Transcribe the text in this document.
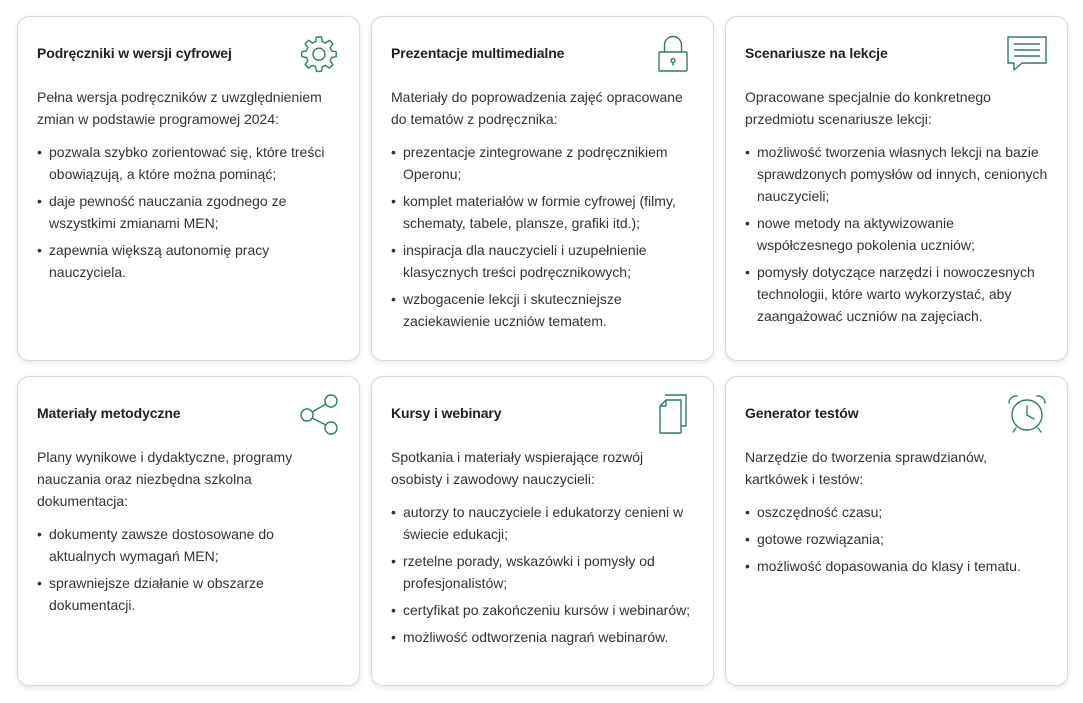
Podręczniki w wersji cyfrowej
Pełna wersja podręczników z uwzględnieniem zmian w podstawie programowej 2024:
• pozwala szybko zorientować się, które treści obowiązują, a które można pominąć;
• daje pewność nauczania zgodnego ze wszystkimi zmianami MEN;
• zapewnia większą autonomię pracy nauczyciela.
Prezentacje multimedialne
Materiały do poprowadzenia zajęć opracowane do tematów z podręcznika:
• prezentacje zintegrowane z podręcznikiem Operonu;
• komplet materiałów w formie cyfrowej (filmy, schematy, tabele, plansze, grafiki itd.);
• inspiracja dla nauczycieli i uzupełnienie klasycznych treści podręcznikowych;
• wzbogacenie lekcji i skuteczniejsze zaciekawienie uczniów tematem.
Scenariusze na lekcje
Opracowane specjalnie do konkretnego przedmiotu scenariusze lekcji:
• możliwość tworzenia własnych lekcji na bazie sprawdzonych pomysłów od innych, cenionych nauczycieli;
• nowe metody na aktywizowanie współczesnego pokolenia uczniów;
• pomysły dotyczące narzędzi i nowoczesnych technologii, które warto wykorzystać, aby zaangażować uczniów na zajęciach.
Materiały metodyczne
Plany wynikowe i dydaktyczne, programy nauczania oraz niezbędna szkolna dokumentacja:
• dokumenty zawsze dostosowane do aktualnych wymagań MEN;
• sprawniejsze działanie w obszarze dokumentacji.
Kursy i webinary
Spotkania i materiały wspierające rozwój osobisty i zawodowy nauczycieli:
• autorzy to nauczyciele i edukatorzy cenieni w świecie edukacji;
• rzetelne porady, wskazówki i pomysły od profesjonalistów;
• certyfikat po zakończeniu kursów i webinarów;
• możliwość odtworzenia nagrań webinarów.
Generator testów
Narzędzie do tworzenia sprawdzianów, kartkówek i testów:
• oszczędność czasu;
• gotowe rozwiązania;
• możliwość dopasowania do klasy i tematu.
